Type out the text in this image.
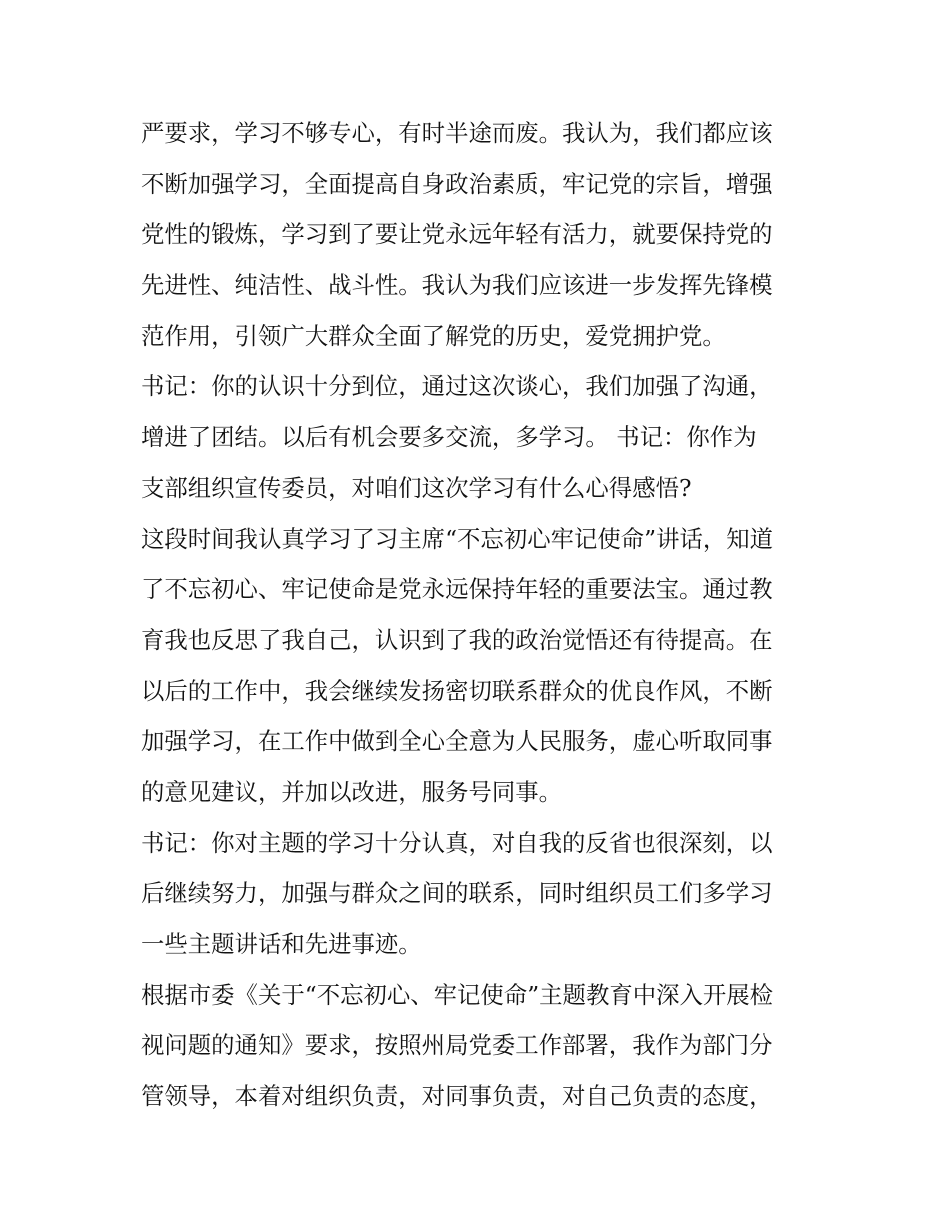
严要求，学习不够专心，有时半途而废。我认为，我们都应该
不断加强学习，全面提高自身政治素质，牢记党的宗旨，增强
党性的锻炼，学习到了要让党永远年轻有活力，就要保持党的
先进性、纯洁性、战斗性。我认为我们应该进一步发挥先锋模
范作用，引领广大群众全面了解党的历史，爱党拥护党。
书记：你的认识十分到位，通过这次谈心，我们加强了沟通，
增进了团结。以后有机会要多交流，多学习。 书记：你作为
支部组织宣传委员，对咱们这次学习有什么心得感悟?
这段时间我认真学习了习主席“不忘初心牢记使命”讲话，知道
了不忘初心、牢记使命是党永远保持年轻的重要法宝。通过教
育我也反思了我自己，认识到了我的政治觉悟还有待提高。在
以后的工作中，我会继续发扬密切联系群众的优良作风，不断
加强学习，在工作中做到全心全意为人民服务，虚心听取同事
的意见建议，并加以改进，服务号同事。
书记：你对主题的学习十分认真，对自我的反省也很深刻，以
后继续努力，加强与群众之间的联系，同时组织员工们多学习
一些主题讲话和先进事迹。
根据市委《关于“不忘初心、牢记使命”主题教育中深入开展检
视问题的通知》要求，按照州局党委工作部署，我作为部门分
管领导，本着对组织负责，对同事负责，对自己负责的态度，
